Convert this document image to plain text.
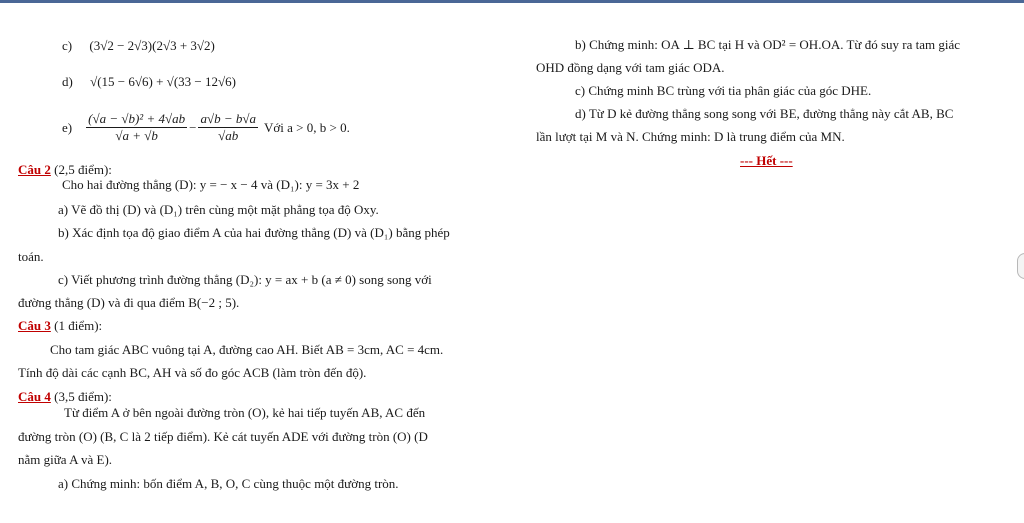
c) (3√2 − 2√3)(2√3 + 3√2)
d) √(15 − 6√6) + √(33 − 12√6)
$e) \frac{\text{(√a − √b)² + 4√ab}}{√a + √b} - \frac{a√b - b√a}{√ab}$ Với a > 0, b > 0.
Câu 2 (2,5 điểm):
Cho hai đường thẳng (D): y = − x − 4 và (D₁): y = 3x + 2
a) Vẽ đồ thị (D) và (D₁) trên cùng một mặt phẳng tọa độ Oxy.
b) Xác định tọa độ giao điểm A của hai đường thẳng (D) và (D₁) bằng phép
toán.
c) Viết phương trình đường thẳng (D₂): y = ax + b (a ≠ 0) song song với
đường thẳng (D) và đi qua điểm B(−2 ; 5).
Câu 3 (1 điểm):
Cho tam giác ABC vuông tại A, đường cao AH. Biết AB = 3cm, AC = 4cm.
Tính độ dài các cạnh BC, AH và số đo góc ACB (làm tròn đến độ).
Câu 4 (3,5 điểm):
Từ điểm A ở bên ngoài đường tròn (O), kẻ hai tiếp tuyến AB, AC đến
đường tròn (O) (B, C là 2 tiếp điểm). Kẻ cát tuyến ADE với đường tròn (O) (D
nằm giữa A và E).
a) Chứng minh: bốn điểm A, B, O, C cùng thuộc một đường tròn.
b) Chứng minh: OA ⊥ BC tại H và OD² = OH.OA. Từ đó suy ra tam giác
OHD đồng dạng với tam giác ODA.
c) Chứng minh BC trùng với tia phân giác của góc DHE.
d) Từ D kẻ đường thẳng song song với BE, đường thẳng này cắt AB, BC
lần lượt tại M và N. Chứng minh: D là trung điểm của MN.
--- Hết ---
